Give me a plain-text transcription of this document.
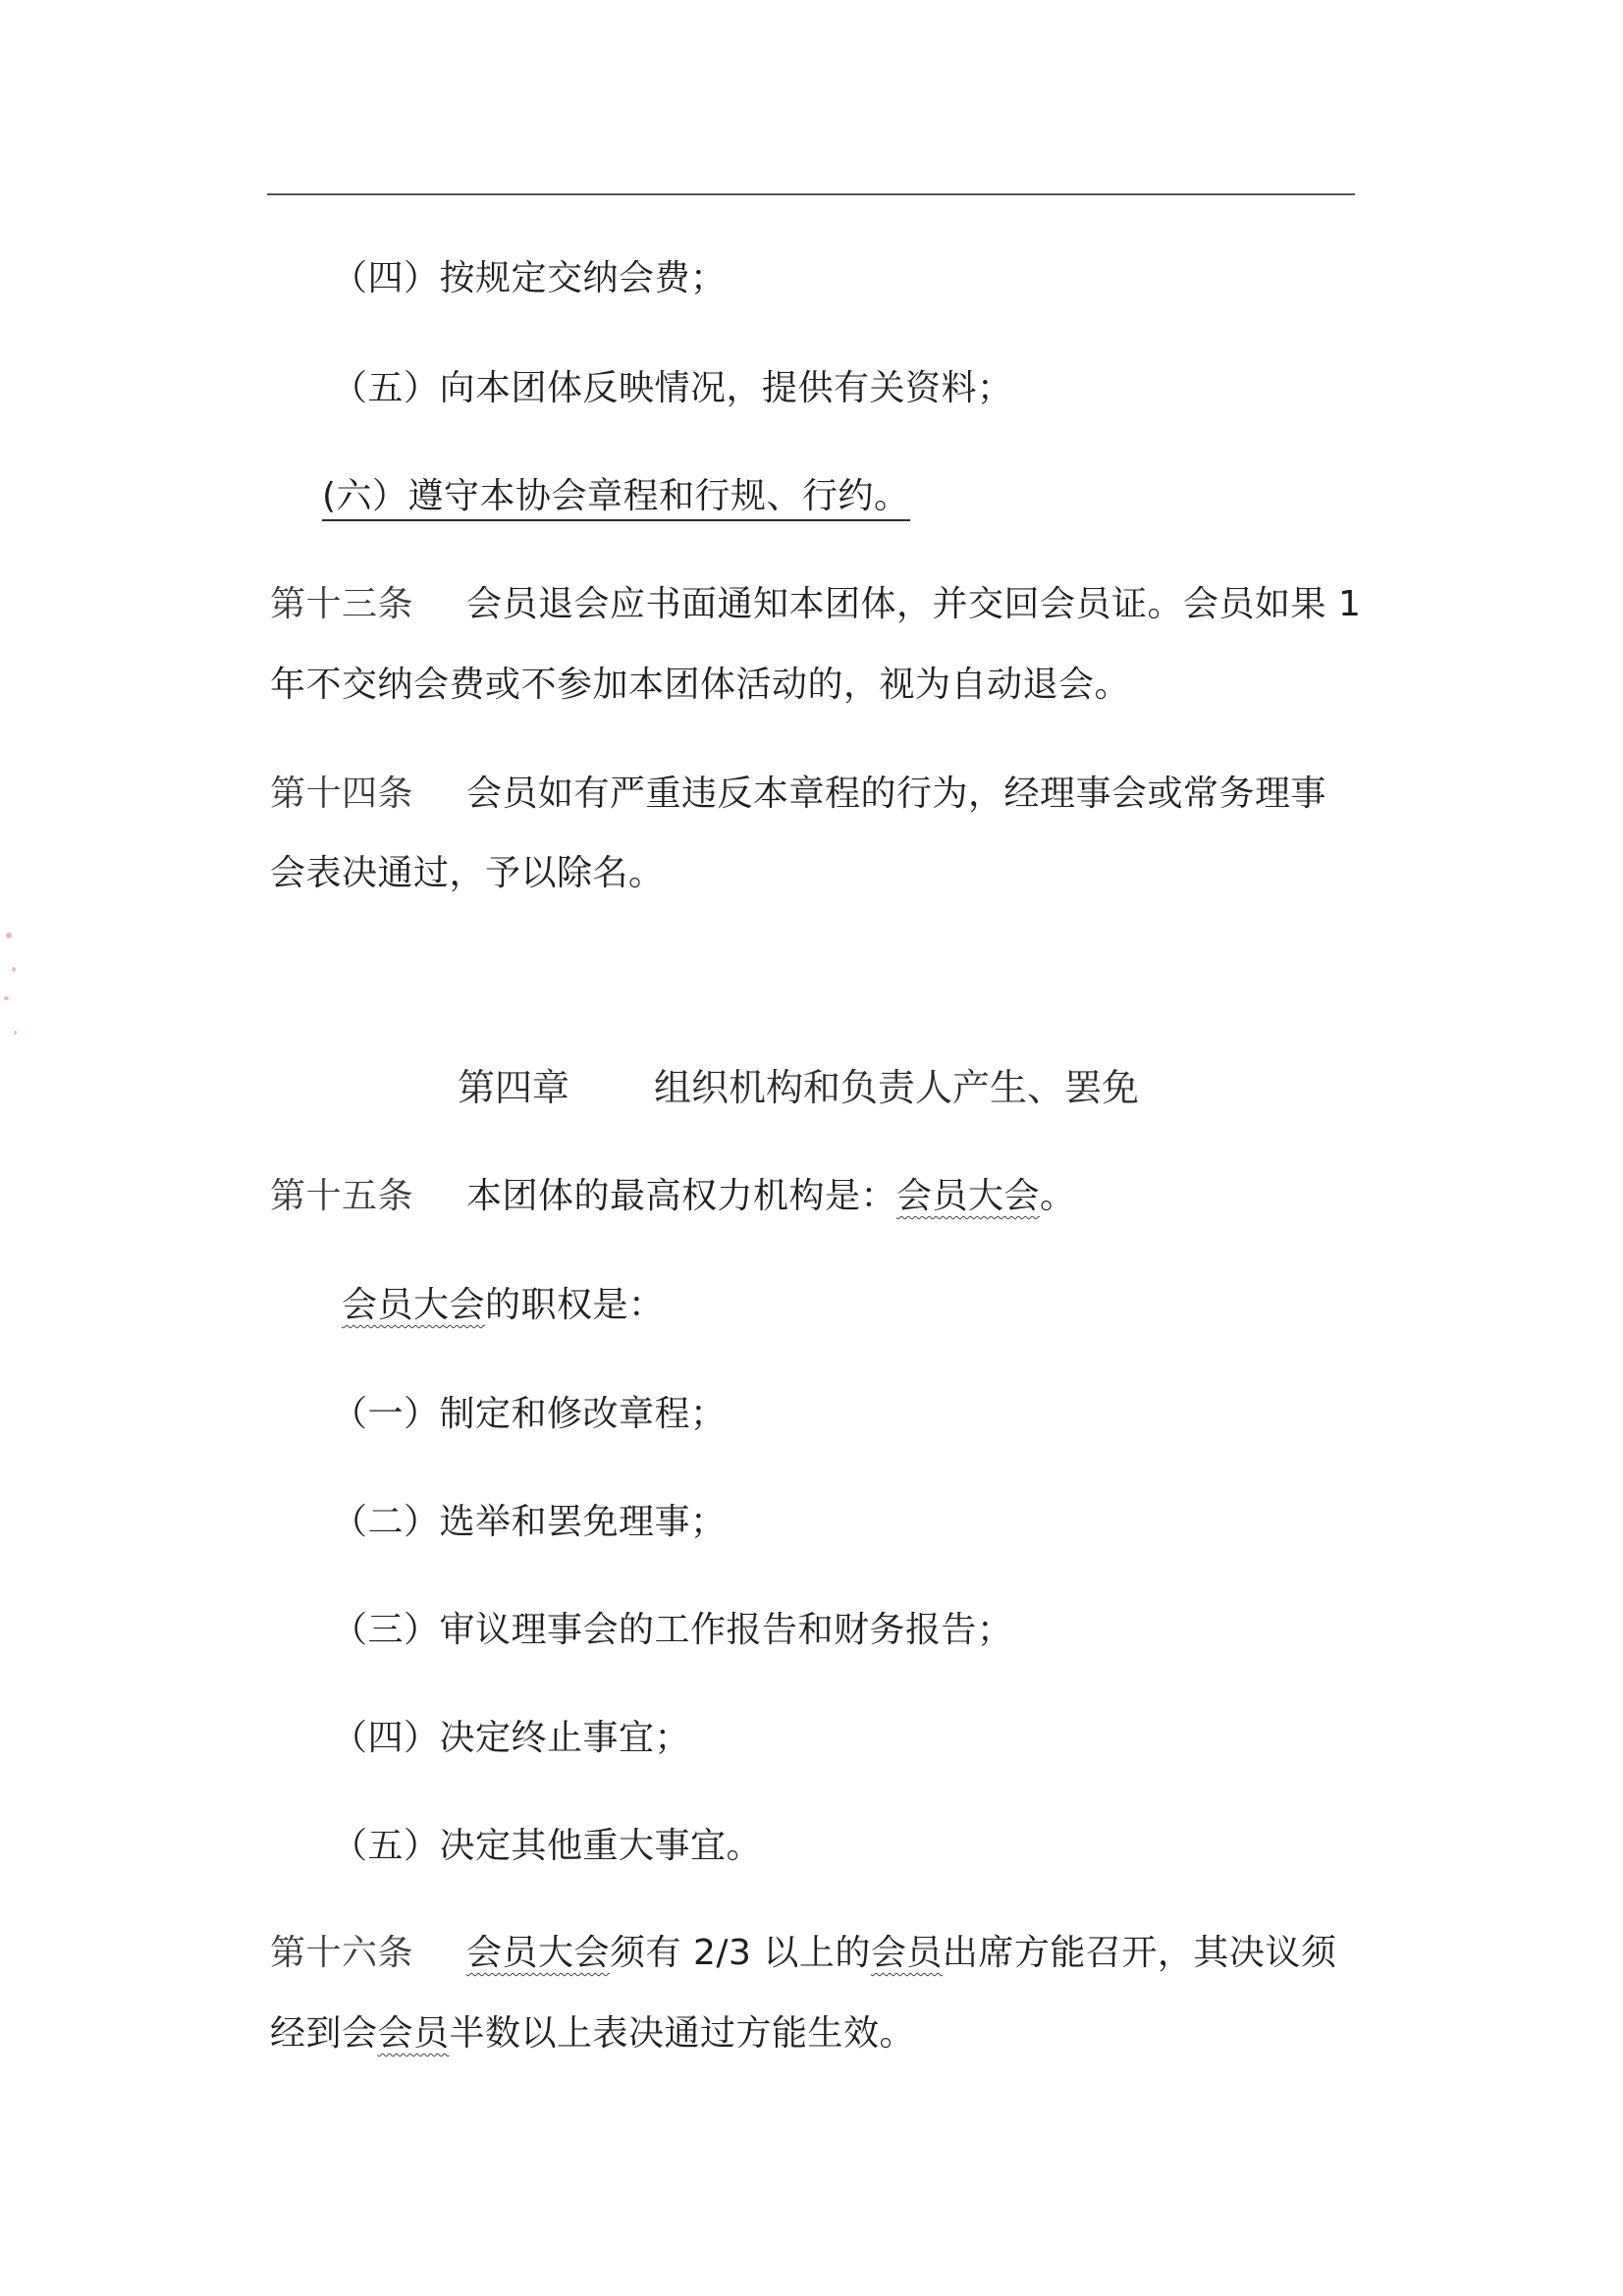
（四）按规定交纳会费；
（五）向本团体反映情况，提供有关资料；
(六）遵守本协会章程和行规、行约。
第十三条 会员退会应书面通知本团体，并交回会员证。会员如果 1
年不交纳会费或不参加本团体活动的，视为自动退会。
第十四条 会员如有严重违反本章程的行为，经理事会或常务理事
会表决通过，予以除名。
第四章 组织机构和负责人产生、罢免
第十五条 本团体的最高权力机构是：会员大会。
会员大会的职权是：
（一）制定和修改章程；
（二）选举和罢免理事；
（三）审议理事会的工作报告和财务报告；
（四）决定终止事宜；
（五）决定其他重大事宜。
第十六条 会员大会须有 2/3 以上的会员出席方能召开，其决议须
经到会会员半数以上表决通过方能生效。
